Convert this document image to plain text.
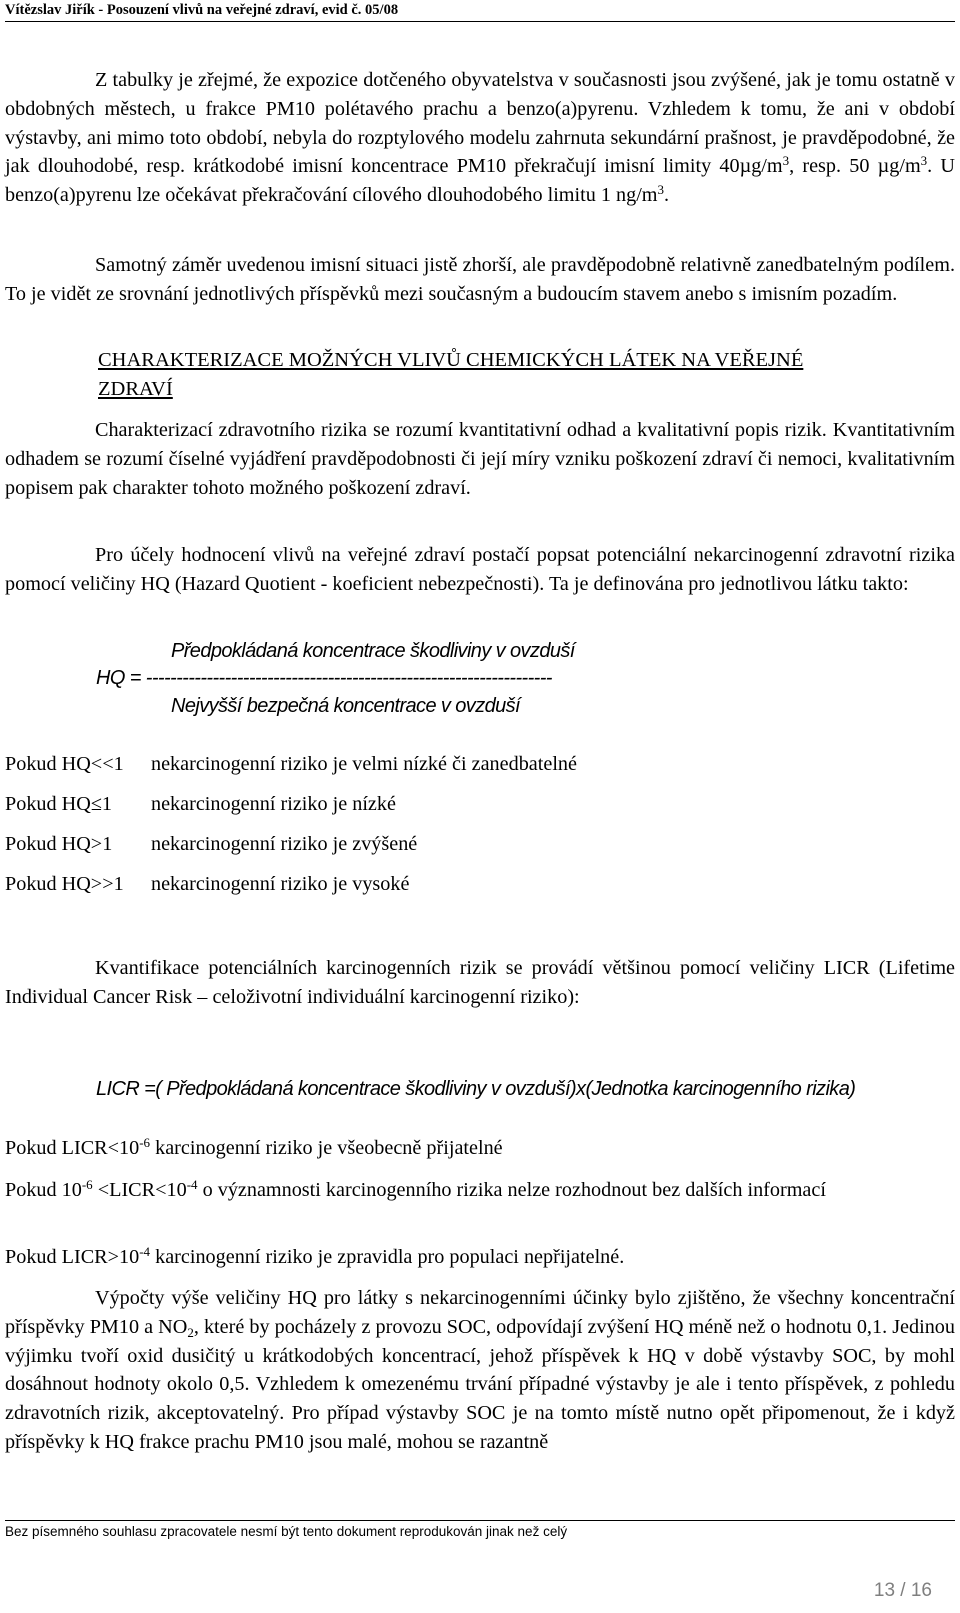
Vítězslav Jiřík - Posouzení vlivů na veřejné zdraví, evid č. 05/08
Z tabulky je zřejmé, že expozice dotčeného obyvatelstva v současnosti jsou zvýšené, jak je tomu ostatně v obdobných městech, u frakce PM10 polétavého prachu a benzo(a)pyrenu. Vzhledem k tomu, že ani v období výstavby, ani mimo toto období, nebyla do rozptylového modelu zahrnuta sekundární prašnost, je pravděpodobné, že jak dlouhodobé, resp. krátkodobé imisní koncentrace PM10 překračují imisní limity $40\mu g/m^3$, resp. 50 $\mu g/m^3$. U benzo(a)pyrenu lze očekávat překračování cílového dlouhodobého limitu 1 $ng/m^3$.
Samotný záměr uvedenou imisní situaci jistě zhorší, ale pravděpodobně relativně zanedbatelným podílem. To je vidět ze srovnání jednotlivých příspěvků mezi současným a budoucím stavem anebo s imisním pozadím.
CHARAKTERIZACE MOŽNÝCH VLIVŮ CHEMICKÝCH LÁTEK NA VEŘEJNÉ ZDRAVÍ
Charakterizací zdravotního rizika se rozumí kvantitativní odhad a kvalitativní popis rizik. Kvantitativním odhadem se rozumí číselné vyjádření pravděpodobnosti či její míry vzniku poškození zdraví či nemoci, kvalitativním popisem pak charakter tohoto možného poškození zdraví.
Pro účely hodnocení vlivů na veřejné zdraví postačí popsat potenciální nekarcinogenní zdravotní rizika pomocí veličiny HQ (Hazard Quotient - koeficient nebezpečnosti). Ta je definována pro jednotlivou látku takto:
Předpokládaná koncentrace škodliviny v ovzduší
HQ = -------------------------------------------------------------------
Nejvyšší bezpečná koncentrace v ovzduší
Pokud HQ<<1 nekarcinogenní riziko je velmi nízké či zanedbatelné
Pokud HQ≤1 nekarcinogenní riziko je nízké
Pokud HQ>1 nekarcinogenní riziko je zvýšené
Pokud HQ>>1 nekarcinogenní riziko je vysoké
Kvantifikace potenciálních karcinogenních rizik se provádí většinou pomocí veličiny LICR (Lifetime Individual Cancer Risk – celoživotní individuální karcinogenní riziko):
LICR =( Předpokládaná koncentrace škodliviny v ovzduší)x(Jednotka karcinogenního rizika)
Pokud $LICR<10^{-6}$ karcinogenní riziko je všeobecně přijatelné
Pokud $10^{-6}$ $<LICR<10^{-4}$ o významnosti karcinogenního rizika nelze rozhodnout bez dalších informací
Pokud $LICR>10^{-4}$ karcinogenní riziko je zpravidla pro populaci nepřijatelné.
Výpočty výše veličiny HQ pro látky s nekarcinogenními účinky bylo zjištěno, že všechny koncentrační příspěvky PM10 a $NO_2$, které by pocházely z provozu SOC, odpovídají zvýšení HQ méně než o hodnotu 0,1. Jedinou výjimku tvoří oxid dusičitý u krátkodobých koncentrací, jehož příspěvek k HQ v době výstavby SOC, by mohl dosáhnout hodnoty okolo 0,5. Vzhledem k omezenému trvání případné výstavby je ale i tento příspěvek, z pohledu zdravotních rizik, akceptovatelný. Pro případ výstavby SOC je na tomto místě nutno opět připomenout, že i když příspěvky k HQ frakce prachu PM10 jsou malé, mohou se razantně
Bez písemného souhlasu zpracovatele nesmí být tento dokument reprodukován jinak než celý
13 / 16
